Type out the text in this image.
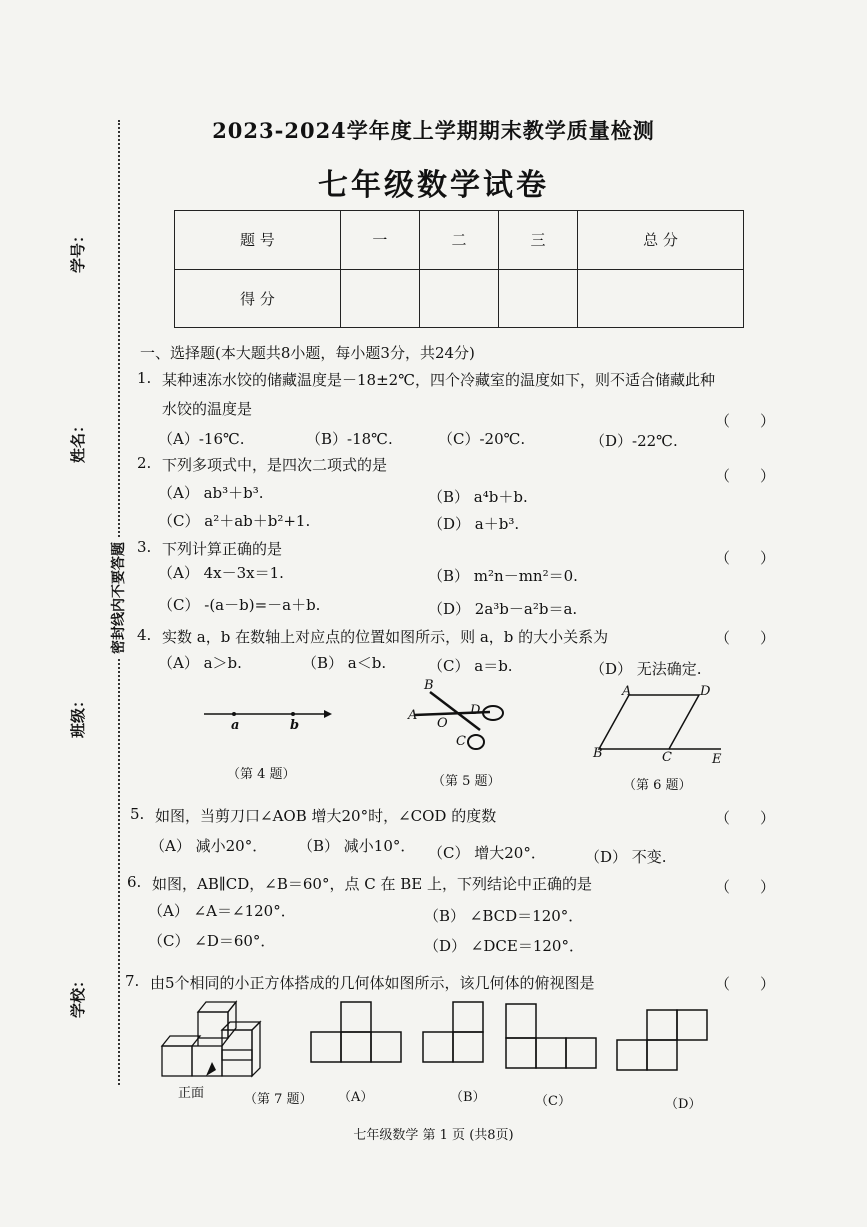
学号：
姓名：
班级：
学校：
密封线内不要答题
2023-2024学年度上学期期末教学质量检测
七年级数学试卷
题 号	一	二	三	总 分
得 分				
一、选择题(本大题共8小题，每小题3分，共24分)
1. 某种速冻水饺的储藏温度是－18±2℃，四个冷藏室的温度如下，则不适合储藏此种
水饺的温度是
（　　）
（A）-16℃.	（B）-18℃.	（C）-20℃.	（D）-22℃.
2. 下列多项式中，是四次二项式的是
（　　）
（A） ab³＋b³.	（B） a⁴b＋b.
（C） a²＋ab＋b²+1.	（D） a＋b³.
3. 下列计算正确的是	（　　）
（A） 4x－3x＝1.	（B） m²n－mn²＝0.
（C） -(a－b)=－a＋b.	（D） 2a³b－a²b＝a.
4. 实数 a，b 在数轴上对应点的位置如图所示，则 a，b 的大小关系为	（　　）
（A） a＞b.	（B） a＜b.	（C） a＝b.	（D） 无法确定.
a	b
（第 4 题）
B
A
O
D
C
（第 5 题）
A	D
B	C	E
（第 6 题）
5. 如图，当剪刀口∠AOB 增大20°时，∠COD 的度数	（　　）
（A） 减小20°． （B） 减小10°． （C） 增大20°．	（D） 不变.
6. 如图，AB∥CD，∠B＝60°，点 C 在 BE 上，下列结论中正确的是	（　　）
（A） ∠A＝∠120°．	（B） ∠BCD＝120°．
（C） ∠D＝60°．	（D） ∠DCE＝120°．
7. 由5个相同的小正方体搭成的几何体如图所示，该几何体的俯视图是	（　　）
正面	（A）	（B）	（C）	（D）
（第 7 题）
七年级数学 第 1 页 (共8页)
